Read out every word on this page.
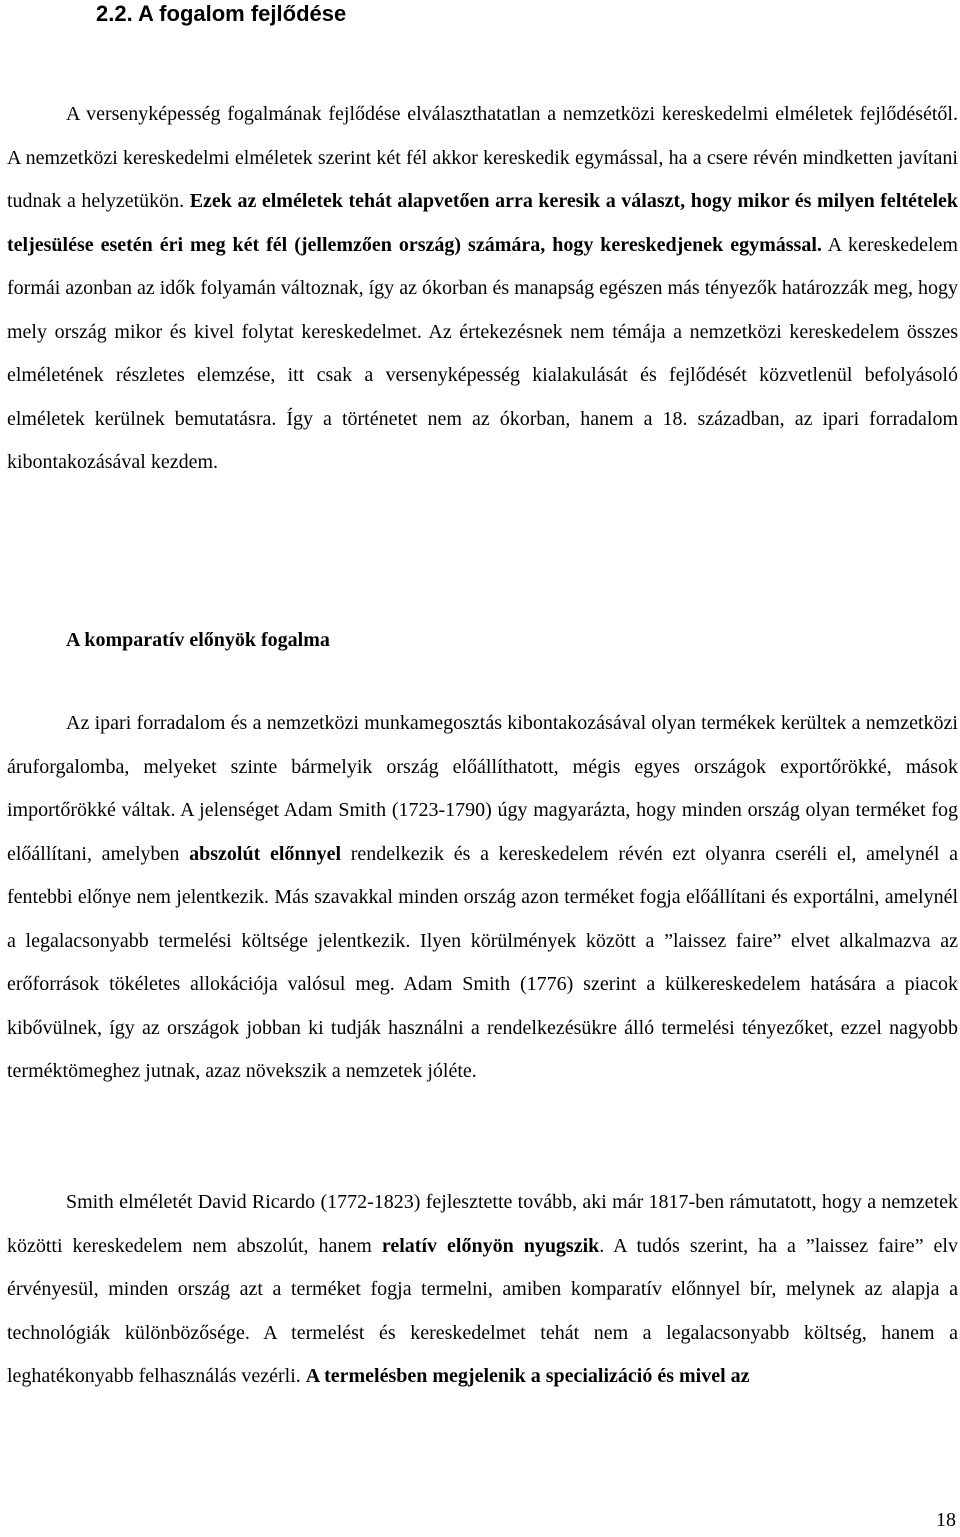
2.2. A fogalom fejlődése

A versenyképesség fogalmának fejlődése elválaszthatatlan a nemzetközi kereskedelmi elméletek fejlődésétől. A nemzetközi kereskedelmi elméletek szerint két fél akkor kereskedik egymással, ha a csere révén mindketten javítani tudnak a helyzetükön. Ezek az elméletek tehát alapvetően arra keresik a választ, hogy mikor és milyen feltételek teljesülése esetén éri meg két fél (jellemzően ország) számára, hogy kereskedjenek egymással. A kereskedelem formái azonban az idők folyamán változnak, így az ókorban és manapság egészen más tényezők határozzák meg, hogy mely ország mikor és kivel folytat kereskedelmet. Az értekezésnek nem témája a nemzetközi kereskedelem összes elméletének részletes elemzése, itt csak a versenyképesség kialakulását és fejlődését közvetlenül befolyásoló elméletek kerülnek bemutatásra. Így a történetet nem az ókorban, hanem a 18. században, az ipari forradalom kibontakozásával kezdem.

A komparatív előnyök fogalma

Az ipari forradalom és a nemzetközi munkamegosztás kibontakozásával olyan termékek kerültek a nemzetközi áruforgalomba, melyeket szinte bármelyik ország előállíthatott, mégis egyes országok exportőrökké, mások importőrökké váltak. A jelenséget Adam Smith (1723-1790) úgy magyarázta, hogy minden ország olyan terméket fog előállítani, amelyben abszolút előnnyel rendelkezik és a kereskedelem révén ezt olyanra cseréli el, amelynél a fentebbi előnye nem jelentkezik. Más szavakkal minden ország azon terméket fogja előállítani és exportálni, amelynél a legalacsonyabb termelési költsége jelentkezik. Ilyen körülmények között a ”laissez faire” elvet alkalmazva az erőforrások tökéletes allokációja valósul meg. Adam Smith (1776) szerint a külkereskedelem hatására a piacok kibővülnek, így az országok jobban ki tudják használni a rendelkezésükre álló termelési tényezőket, ezzel nagyobb terméktömeghez jutnak, azaz növekszik a nemzetek jóléte.

Smith elméletét David Ricardo (1772-1823) fejlesztette tovább, aki már 1817-ben rámutatott, hogy a nemzetek közötti kereskedelem nem abszolút, hanem relatív előnyön nyugszik. A tudós szerint, ha a ”laissez faire” elv érvényesül, minden ország azt a terméket fogja termelni, amiben komparatív előnnyel bír, melynek az alapja a technológiák különbözősége. A termelést és kereskedelmet tehát nem a legalacsonyabb költség, hanem a leghatékonyabb felhasználás vezérli. A termelésben megjelenik a specializáció és mivel az

18
